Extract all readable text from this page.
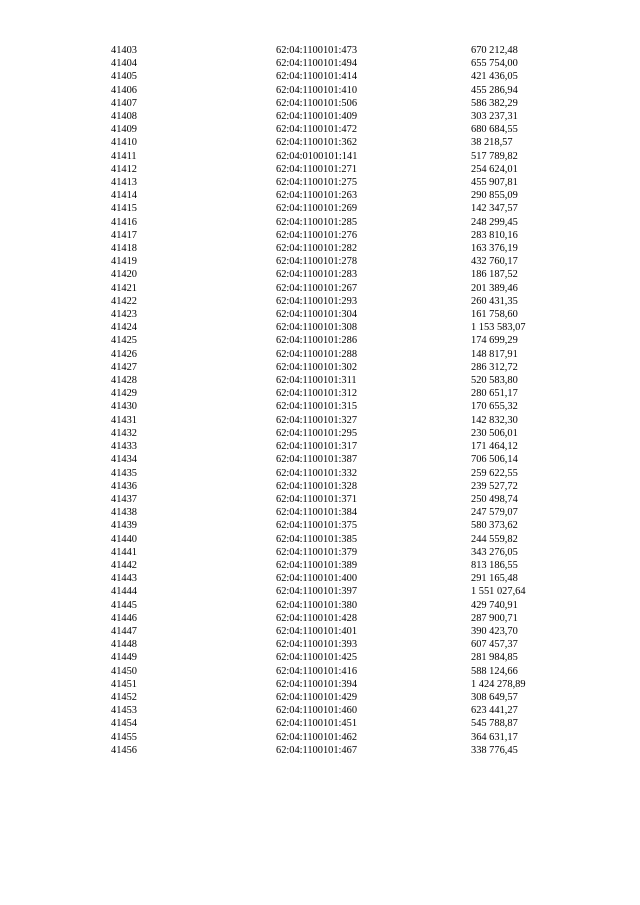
41403	62:04:1100101:473	670 212,48
41404	62:04:1100101:494	655 754,00
41405	62:04:1100101:414	421 436,05
41406	62:04:1100101:410	455 286,94
41407	62:04:1100101:506	586 382,29
41408	62:04:1100101:409	303 237,31
41409	62:04:1100101:472	680 684,55
41410	62:04:1100101:362	38 218,57
41411	62:04:0100101:141	517 789,82
41412	62:04:1100101:271	254 624,01
41413	62:04:1100101:275	455 907,81
41414	62:04:1100101:263	290 855,09
41415	62:04:1100101:269	142 347,57
41416	62:04:1100101:285	248 299,45
41417	62:04:1100101:276	283 810,16
41418	62:04:1100101:282	163 376,19
41419	62:04:1100101:278	432 760,17
41420	62:04:1100101:283	186 187,52
41421	62:04:1100101:267	201 389,46
41422	62:04:1100101:293	260 431,35
41423	62:04:1100101:304	161 758,60
41424	62:04:1100101:308	1 153 583,07
41425	62:04:1100101:286	174 699,29
41426	62:04:1100101:288	148 817,91
41427	62:04:1100101:302	286 312,72
41428	62:04:1100101:311	520 583,80
41429	62:04:1100101:312	280 651,17
41430	62:04:1100101:315	170 655,32
41431	62:04:1100101:327	142 832,30
41432	62:04:1100101:295	230 506,01
41433	62:04:1100101:317	171 464,12
41434	62:04:1100101:387	706 506,14
41435	62:04:1100101:332	259 622,55
41436	62:04:1100101:328	239 527,72
41437	62:04:1100101:371	250 498,74
41438	62:04:1100101:384	247 579,07
41439	62:04:1100101:375	580 373,62
41440	62:04:1100101:385	244 559,82
41441	62:04:1100101:379	343 276,05
41442	62:04:1100101:389	813 186,55
41443	62:04:1100101:400	291 165,48
41444	62:04:1100101:397	1 551 027,64
41445	62:04:1100101:380	429 740,91
41446	62:04:1100101:428	287 900,71
41447	62:04:1100101:401	390 423,70
41448	62:04:1100101:393	607 457,37
41449	62:04:1100101:425	281 984,85
41450	62:04:1100101:416	588 124,66
41451	62:04:1100101:394	1 424 278,89
41452	62:04:1100101:429	308 649,57
41453	62:04:1100101:460	623 441,27
41454	62:04:1100101:451	545 788,87
41455	62:04:1100101:462	364 631,17
41456	62:04:1100101:467	338 776,45
